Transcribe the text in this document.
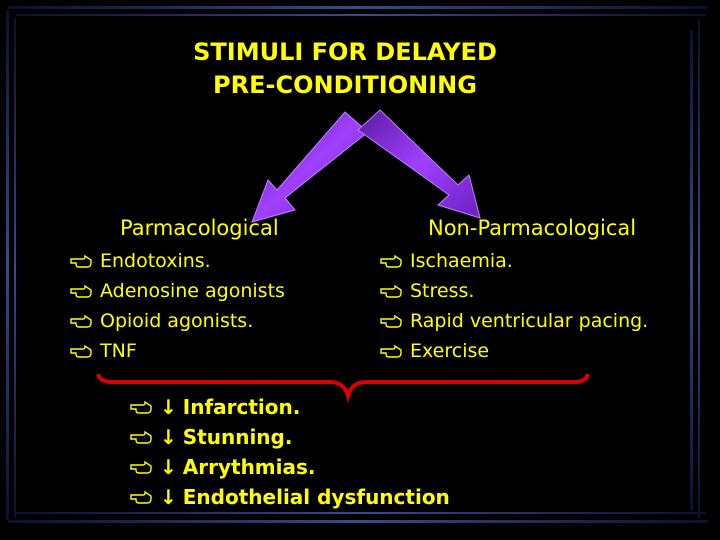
STIMULI FOR DELAYED
PRE-CONDITIONING
Parmacological	Non-Parmacological
Endotoxins.
Adenosine agonists
Opioid agonists.
TNF
Ischaemia.
Stress.
Rapid ventricular pacing.
Exercise
↓ Infarction.
↓ Stunning.
↓ Arrythmias.
↓ Endothelial dysfunction
